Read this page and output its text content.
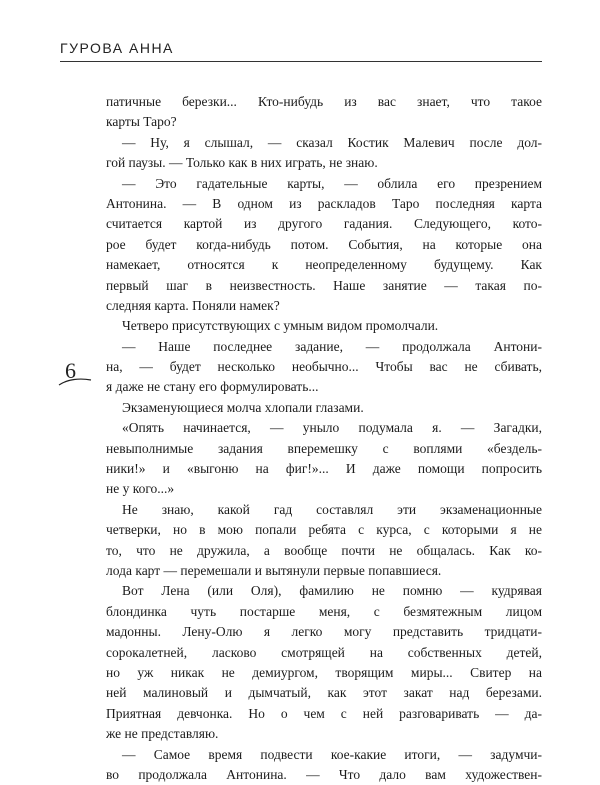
ГУРОВА АННА
6
патичные березки... Кто-нибудь из вас знает, что такое
карты Таро?
— Ну, я слышал, — сказал Костик Малевич после дол-
гой паузы. — Только как в них играть, не знаю.
— Это гадательные карты, — облила его презрением
Антонина. — В одном из раскладов Таро последняя карта
считается картой из другого гадания. Следующего, кото-
рое будет когда-нибудь потом. События, на которые она
намекает, относятся к неопределенному будущему. Как
первый шаг в неизвестность. Наше занятие — такая по-
следняя карта. Поняли намек?
Четверо присутствующих с умным видом промолчали.
— Наше последнее задание, — продолжала Антони-
на, — будет несколько необычно... Чтобы вас не сбивать,
я даже не стану его формулировать...
Экзаменующиеся молча хлопали глазами.
«Опять начинается, — уныло подумала я. — Загадки,
невыполнимые задания вперемешку с воплями «бездель-
ники!» и «выгоню на фиг!»... И даже помощи попросить
не у кого...»
Не знаю, какой гад составлял эти экзаменационные
четверки, но в мою попали ребята с курса, с которыми я не
то, что не дружила, а вообще почти не общалась. Как ко-
лода карт — перемешали и вытянули первые попавшиеся.
Вот Лена (или Оля), фамилию не помню — кудрявая
блондинка чуть постарше меня, с безмятежным лицом
мадонны. Лену-Олю я легко могу представить тридцати-
сорокалетней, ласково смотрящей на собственных детей,
но уж никак не демиургом, творящим миры... Свитер на
ней малиновый и дымчатый, как этот закат над березами.
Приятная девчонка. Но о чем с ней разговаривать — да-
же не представляю.
— Самое время подвести кое-какие итоги, — задумчи-
во продолжала Антонина. — Что дало вам художествен-
